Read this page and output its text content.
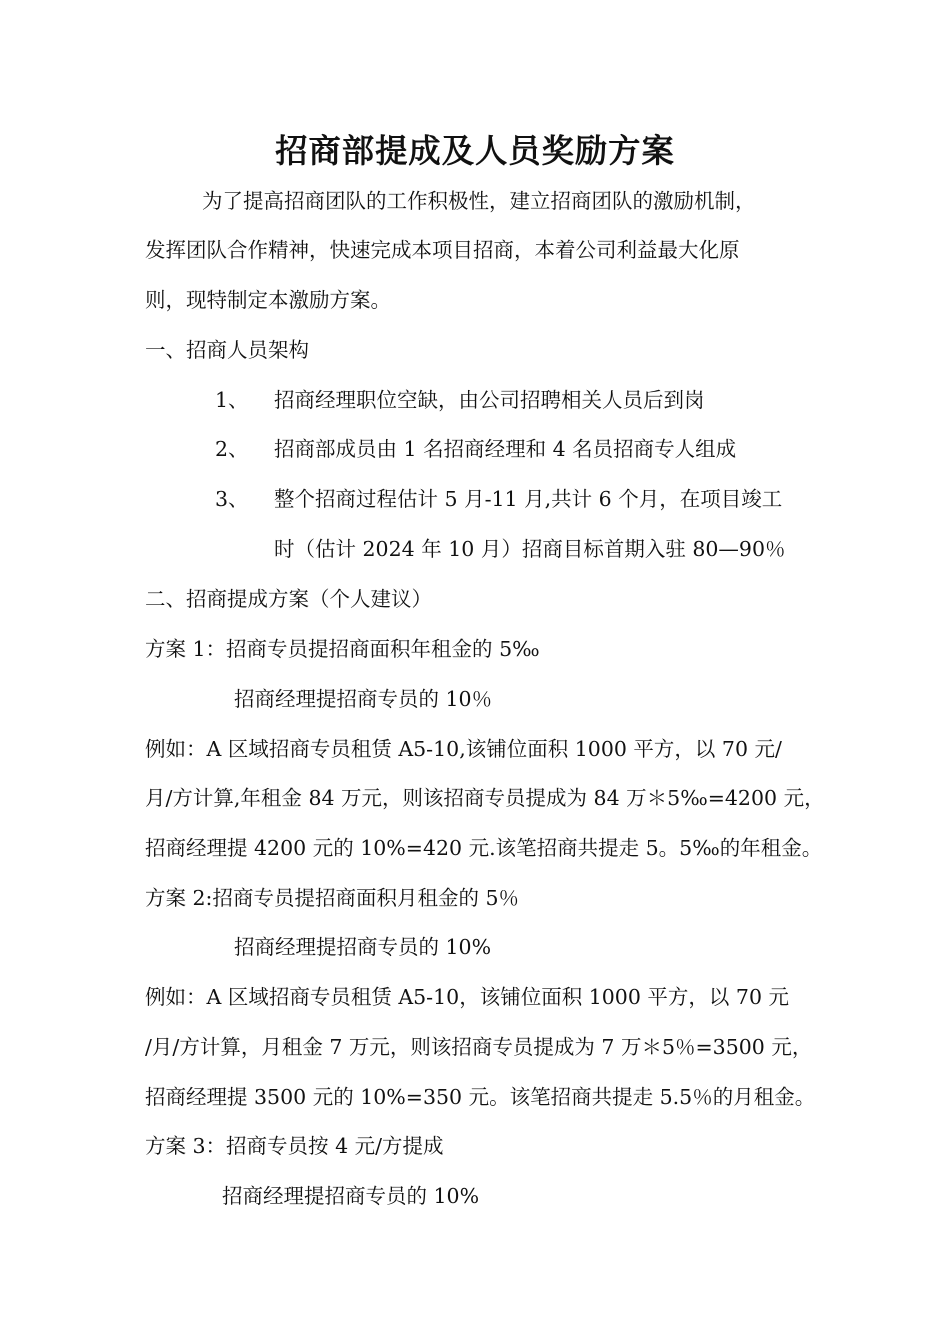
招商部提成及人员奖励方案
为了提高招商团队的工作积极性，建立招商团队的激励机制，
发挥团队合作精神，快速完成本项目招商，本着公司利益最大化原
则，现特制定本激励方案。
一、招商人员架构
1、 招商经理职位空缺，由公司招聘相关人员后到岗
2、 招商部成员由 1 名招商经理和 4 名员招商专人组成
3、 整个招商过程估计 5 月-11 月,共计 6 个月，在项目竣工
时（估计 2024 年 10 月）招商目标首期入驻 80—90％
二、招商提成方案（个人建议）
方案 1：招商专员提招商面积年租金的 5‰
招商经理提招商专员的 10％
例如：A 区域招商专员租赁 A5-10,该铺位面积 1000 平方，以 70 元/
月/方计算,年租金 84 万元，则该招商专员提成为 84 万＊5‰=4200 元，
招商经理提 4200 元的 10%=420 元.该笔招商共提走 5。5‰的年租金。
方案 2:招商专员提招商面积月租金的 5％
招商经理提招商专员的 10%
例如：A 区域招商专员租赁 A5-10，该铺位面积 1000 平方，以 70 元
/月/方计算，月租金 7 万元，则该招商专员提成为 7 万＊5％=3500 元，
招商经理提 3500 元的 10%=350 元。该笔招商共提走 5.5％的月租金。
方案 3：招商专员按 4 元/方提成
招商经理提招商专员的 10%
